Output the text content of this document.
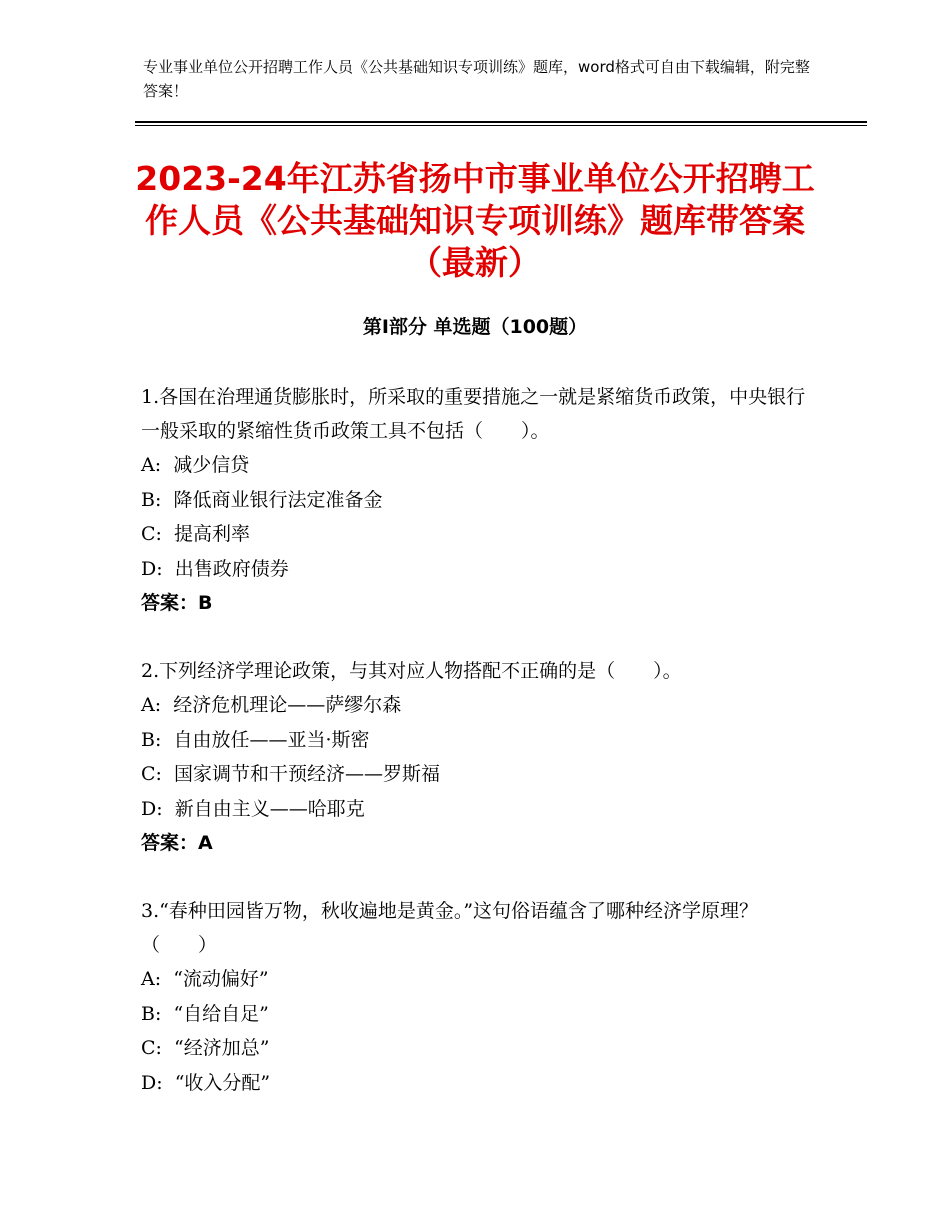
专业事业单位公开招聘工作人员《公共基础知识专项训练》题库，word格式可自由下载编辑，附完整答案！
2023-24年江苏省扬中市事业单位公开招聘工作人员《公共基础知识专项训练》题库带答案（最新）
第Ⅰ部分 单选题（100题）
1.各国在治理通货膨胀时，所采取的重要措施之一就是紧缩货币政策，中央银行一般采取的紧缩性货币政策工具不包括（　　）。
A:  减少信贷
B:  降低商业银行法定准备金
C:  提高利率
D:  出售政府债券
答案：B
2.下列经济学理论政策，与其对应人物搭配不正确的是（　　）。
A:  经济危机理论——萨缪尔森
B:  自由放任——亚当·斯密
C:  国家调节和干预经济——罗斯福
D:  新自由主义——哈耶克
答案：A
3.“春种田园皆万物，秋收遍地是黄金。”这句俗语蕴含了哪种经济学原理？（　　）
A:  “流动偏好”
B:  “自给自足”
C:  “经济加总”
D:  “收入分配”
